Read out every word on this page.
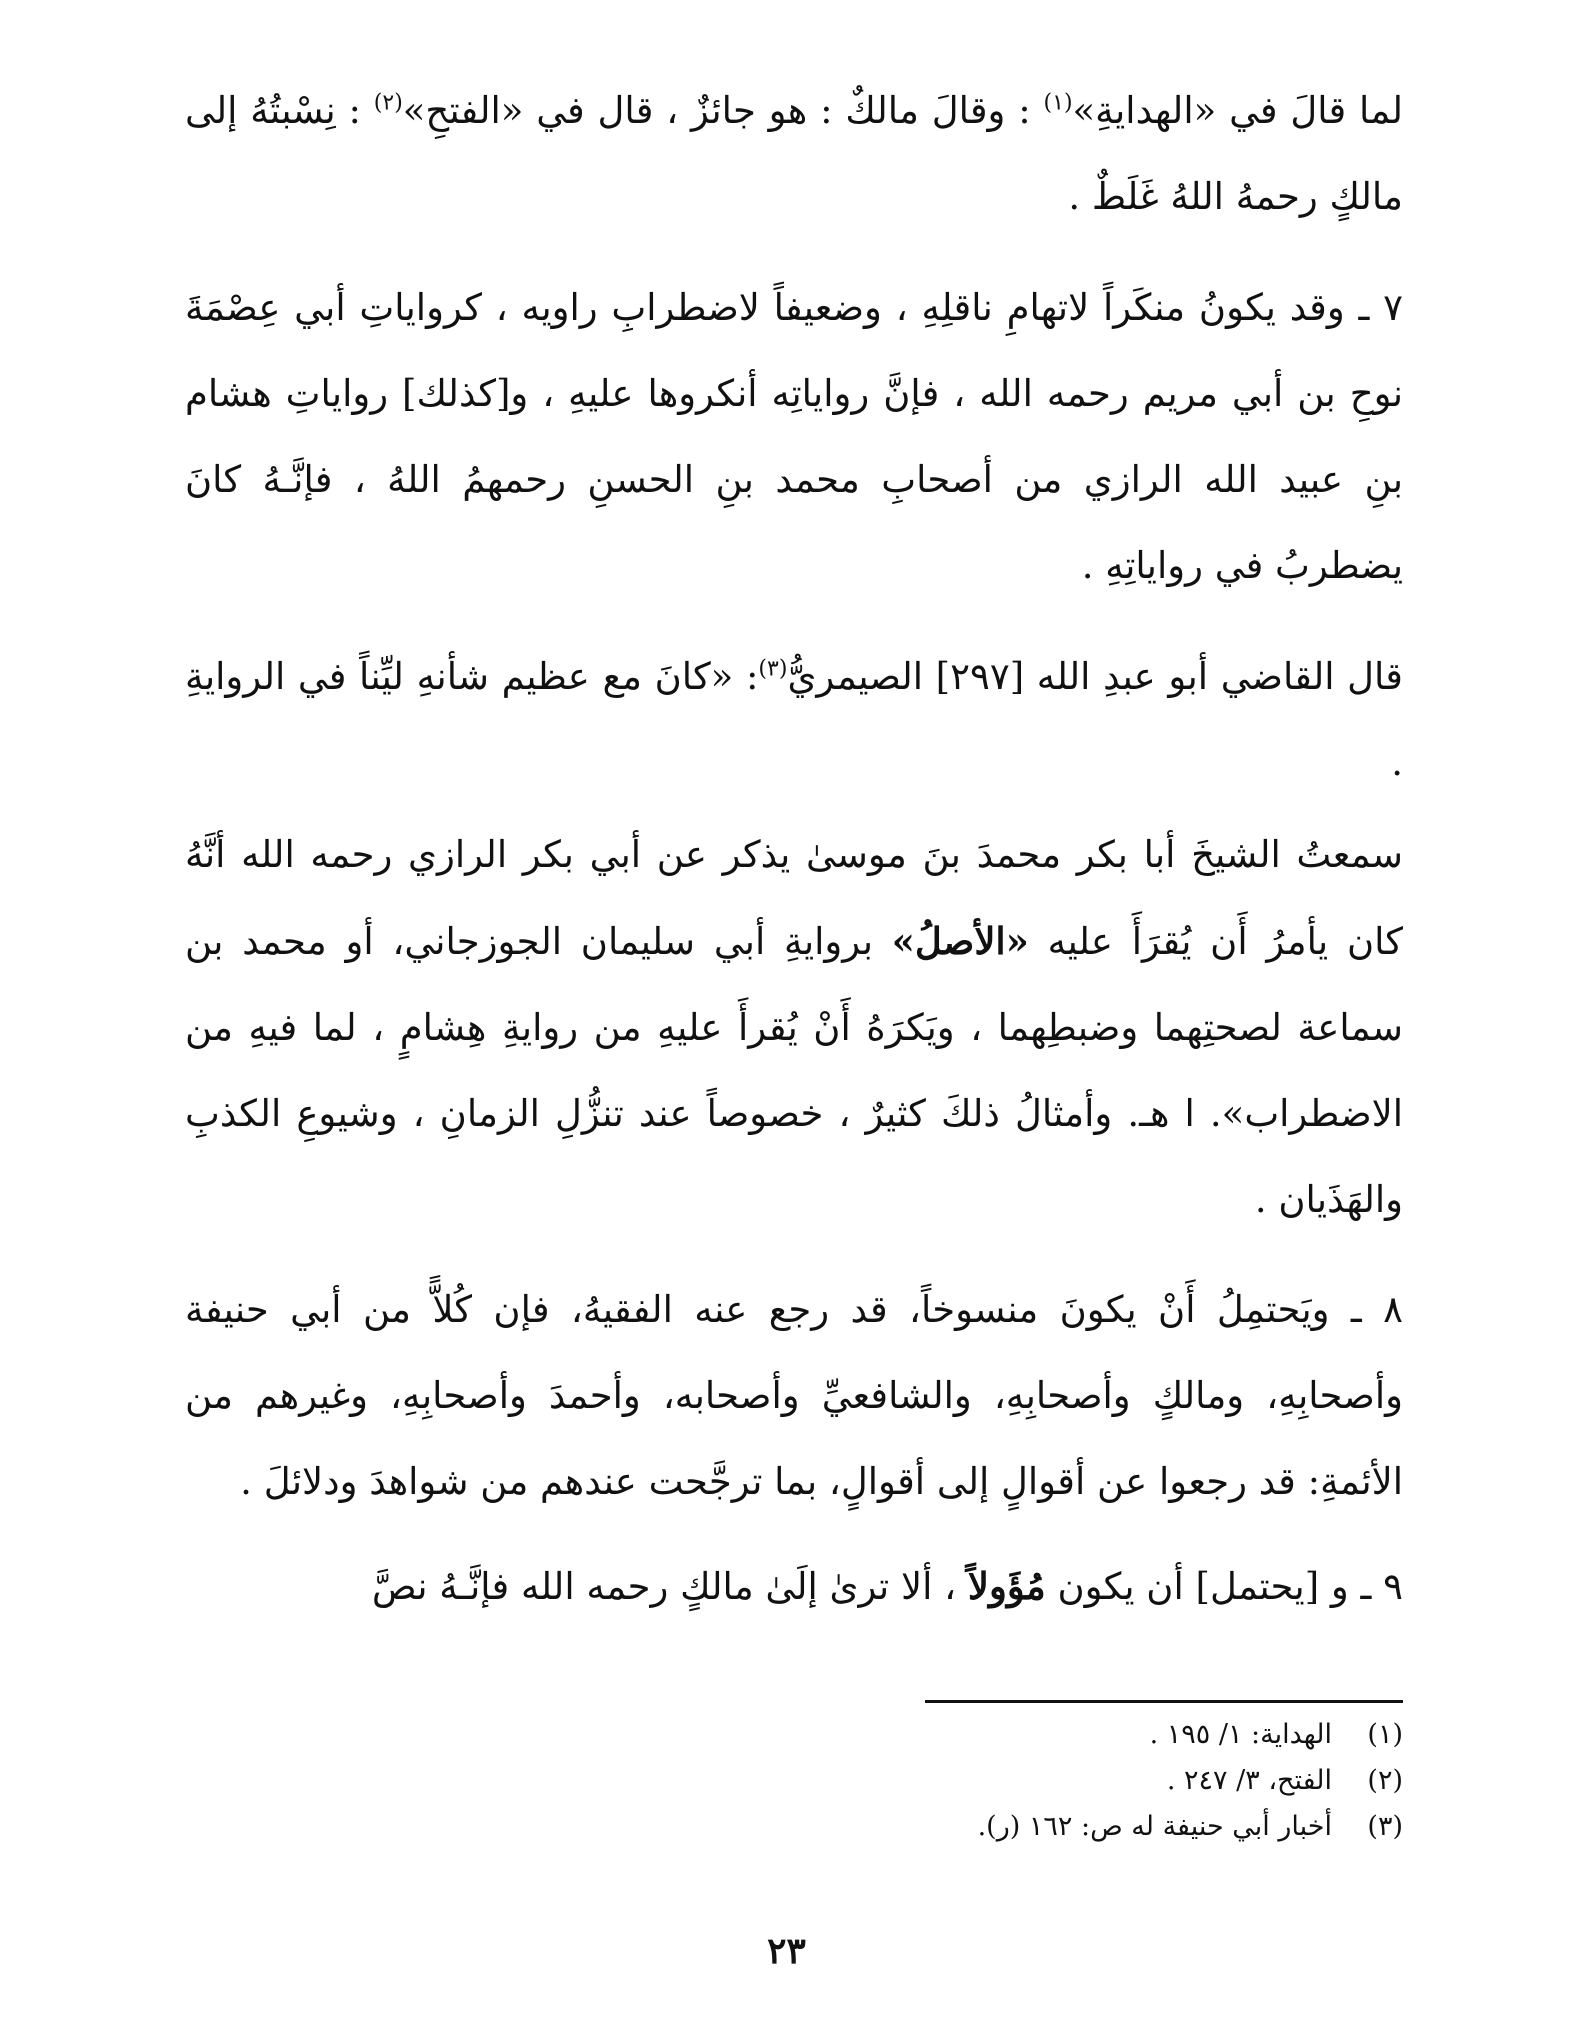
لما قالَ في «الهدايةِ»$^{(١)}$ : وقالَ مالكٌ : هو جائزٌ ، قال في «الفتحِ»$^{(٢)}$ : نِسْبتُهُ إلى مالكٍ رحمهُ اللهُ غَلَطٌ .

٧ ـ وقد يكونُ منكَراً لاتهامِ ناقلِهِ ، وضعيفاً لاضطرابِ راويه ، كرواياتِ أبي عِصْمَةَ نوحِ بن أبي مريم رحمه الله ، فإنَّ رواياتِه أنكروها عليهِ ، و[كذلك] رواياتِ هشام بنِ عبيد الله الرازي من أصحابِ محمد بنِ الحسنِ رحمهمُ اللهُ ، فإنَّـهُ كانَ يضطربُ في رواياتِهِ .

قال القاضي أبو عبدِ الله [٢٩٧] الصيمريُّ$^{(٣)}$: «كانَ مع عظيم شأنهِ ليِّناً في الروايةِ .

سمعتُ الشيخَ أبا بكر محمدَ بنَ موسىٰ يذكر عن أبي بكر الرازي رحمه الله أنَّهُ كان يأمرُ أَن يُقرَأَ عليه «الأصلُ» بروايةِ أبي سليمان الجوزجاني، أو محمد بن سماعة لصحتِهما وضبطِهما ، ويَكرَهُ أَنْ يُقرأَ عليهِ من روايةِ هِشامٍ ، لما فيهِ من الاضطراب». ا هـ. وأمثالُ ذلكَ كثيرٌ ، خصوصاً عند تنزُّلِ الزمانِ ، وشيوعِ الكذبِ والهَذَيان .

٨ ـ ويَحتمِلُ أَنْ يكونَ منسوخاً، قد رجع عنه الفقيهُ، فإن كُلاًّ من أبي حنيفة وأصحابِهِ، ومالكٍ وأصحابِهِ، والشافعيِّ وأصحابه، وأحمدَ وأصحابِهِ، وغيرهم من الأئمةِ: قد رجعوا عن أقوالٍ إلى أقوالٍ، بما ترجَّحت عندهم من شواهدَ ودلائلَ .

٩ ـ و [يحتمل] أن يكون مُؤَولاً ، ألا ترىٰ إلَىٰ مالكٍ رحمه الله فإنَّـهُ نصَّ

(١)الهداية: ١/ ١٩٥ .
(٢)الفتح، ٣/ ٢٤٧ .
(٣)أخبار أبي حنيفة له ص: ١٦٢ (ر).
٢٣
